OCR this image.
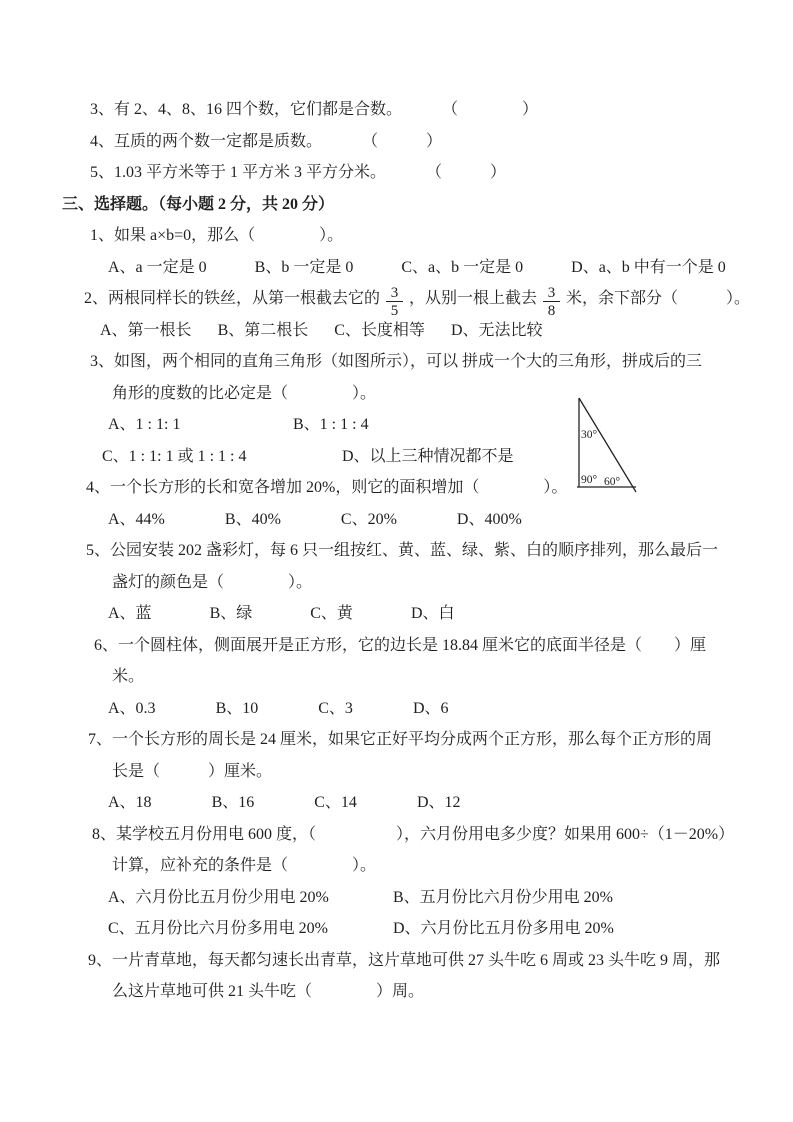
3、有 2、4、8、16 四个数，它们都是合数。	（　　　　）
4、互质的两个数一定都是质数。	（　　　）
5、1.03 平方米等于 1 平方米 3 平方分米。	（　　　）
三、选择题。（每小题 2 分，共 20 分）
1、如果 a×b=0，那么（　　　　）。
A、a 一定是 0	B、b 一定是 0	C、a、b 一定是 0	D、a、b 中有一个是 0
2、两根同样长的铁丝，从第一根截去它的 $\frac{3}{5}$ ，从别一根上截去 $\frac{3}{8}$ 米，余下部分（　　　）。
A、第一根长 B、第二根长 C、长度相等 D、无法比较
3、如图，两个相同的直角三角形（如图所示），可以 拼成一个大的三角形，拼成后的三
角形的度数的比必定是（　　　　）。
A、1 : 1: 1	B、1 : 1 : 4
C、1 : 1: 1 或 1 : 1 : 4	D、以上三种情况都不是
4、一个长方形的长和宽各增加 20%，则它的面积增加（　　　　）。
A、44%	B、40%	C、20%	D、400%
5、公园安装 202 盏彩灯，每 6 只一组按红、黄、蓝、绿、紫、白的顺序排列，那么最后一
盏灯的颜色是（　　　　）。
A、蓝	B、绿	C、黄	D、白
6、一个圆柱体，侧面展开是正方形，它的边长是 18.84 厘米它的底面半径是（　　）厘
米。
A、0.3	B、10	C、3	D、6
7、一个长方形的周长是 24 厘米，如果它正好平均分成两个正方形，那么每个正方形的周
长是（　　　）厘米。
A、18	B、16	C、14	D、12
8、某学校五月份用电 600 度，（　　　　　），六月份用电多少度？如果用 600÷（1－20%）
计算，应补充的条件是（　　　　）。
A、六月份比五月份少用电 20%	B、五月份比六月份少用电 20%
C、五月份比六月份多用电 20%	D、六月份比五月份多用电 20%
9、一片青草地，每天都匀速长出青草，这片草地可供 27 头牛吃 6 周或 23 头牛吃 9 周，那
么这片草地可供 21 头牛吃（　　　　）周。
30°
90° 60°
